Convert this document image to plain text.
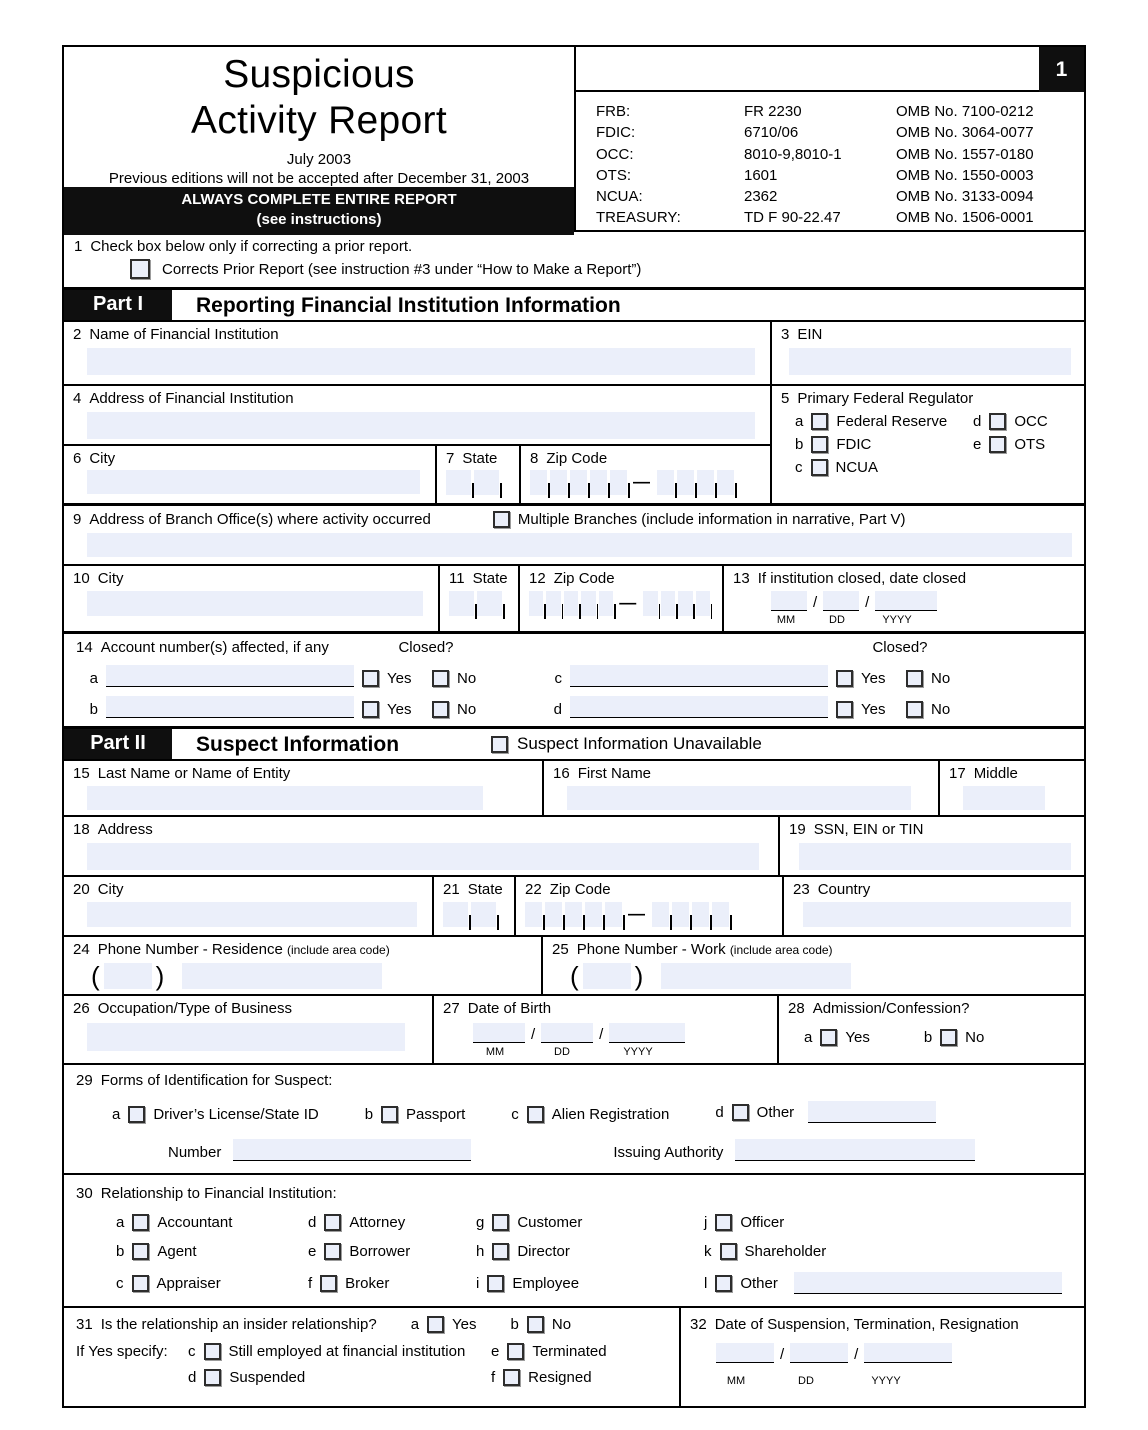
Suspicious
Activity Report
July 2003
Previous editions will not be accepted after December 31, 2003
ALWAYS COMPLETE ENTIRE REPORT
(see instructions)
1
FRB:	FR 2230	OMB No. 7100-0212
FDIC:	6710/06	OMB No. 3064-0077
OCC:	8010-9,8010-1	OMB No. 1557-0180
OTS:	1601	OMB No. 1550-0003
NCUA:	2362	OMB No. 3133-0094
TREASURY:	TD F 90-22.47	OMB No. 1506-0001
1 Check box below only if correcting a prior report.
Corrects Prior Report (see instruction #3 under “How to Make a Report”)
Part I	Reporting Financial Institution Information
2 Name of Financial Institution
4 Address of Financial Institution
6 City	7 State	8 Zip Code
—
3 EIN
5 Primary Federal Regulator
a Federal Reserve d OCC
b FDIC	e OTS
c NCUA
9 Address of Branch Office(s) where activity occurred	Multiple Branches (include information in narrative, Part V)
10 City	11 State 12 Zip Code
—
13 If institution closed, date closed
/	/
MM	DD	YYYY
14 Account number(s) affected, if any	Closed?	Closed?
a	Yes	No	c	Yes	No
b	Yes	No	d	Yes	No
Part II	Suspect Information	Suspect Information Unavailable
15 Last Name or Name of Entity	16 First Name	17 Middle
18 Address	19 SSN, EIN or TIN
20 City	21 State 22 Zip Code
—
23 Country
24 Phone Number - Residence (include area code)
( )
25 Phone Number - Work (include area code)
( )
26 Occupation/Type of Business	27 Date of Birth
/	/
MM	DD	YYYY
28 Admission/Confession?
a Yes	b No
29 Forms of Identification for Suspect:
a Driver’s License/State ID	b Passport	c Alien Registration	d Other
Number	Issuing Authority
30 Relationship to Financial Institution:
a Accountant
b Agent
c Appraiser
d Attorney
e Borrower
f Broker
g Customer
h Director
i Employee
j Officer
k Shareholder
l Other
31 Is the relationship an insider relationship? a Yes b No
If Yes specify:	c Still employed at financial institution e Terminated
d Suspended	f Resigned
32 Date of Suspension, Termination, Resignation
/	/
MM	DD	YYYY
